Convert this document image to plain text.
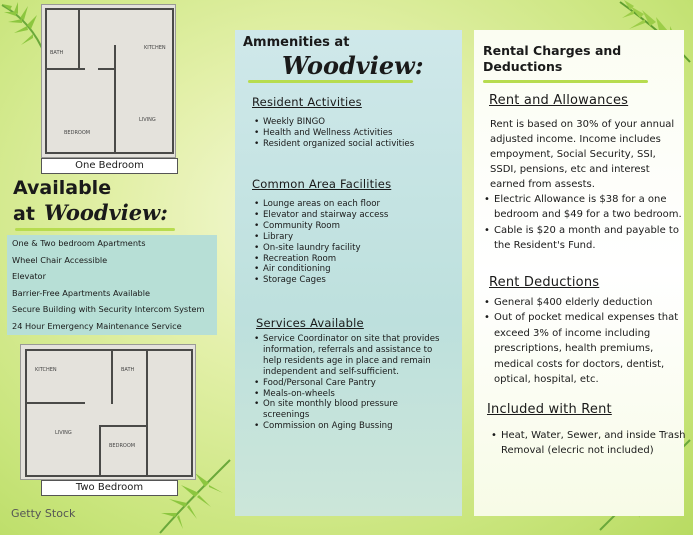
BATH
KITCHEN
LIVING
BEDROOM
One Bedroom
Available
at Woodview:
One & Two bedroom Apartments
Wheel Chair Accessible
Elevator
Barrier-Free Apartments Available
Secure Building with Security Intercom System
24 Hour Emergency Maintenance Service
KITCHEN	BATH
LIVING
BEDROOM
Two Bedroom
Getty Stock
Ammenities at
Woodview:
Resident Activities
• Weekly BINGO
• Health and Wellness Activities
• Resident organized social activities
Common Area Facilities
• Lounge areas on each floor
• Elevator and stairway access
• Community Room
• Library
• On-site laundry facility
• Recreation Room
• Air conditioning
• Storage Cages
Services Available
• Service Coordinator on site that provides information, referrals and assistance to help residents age in place and remain independent and self-sufficient.
• Food/Personal Care Pantry
• Meals-on-wheels
• On site monthly blood pressure screenings
• Commission on Aging Bussing
Rental Charges and Deductions
Rent and Allowances
Rent is based on 30% of your annual adjusted income. Income includes empoyment, Social Security, SSI, SSDI, pensions, etc and interest earned from assests.
• Electric Allowance is $38 for a one bedroom and $49 for a two bedroom.
• Cable is $20 a month and payable to the Resident's Fund.
Rent Deductions
• General $400 elderly deduction
• Out of pocket medical expenses that exceed 3% of income including prescriptions, health premiums, medical costs for doctors, dentist, optical, hospital, etc.
Included with Rent
• Heat, Water, Sewer, and inside Trash Removal (elecric not included)
